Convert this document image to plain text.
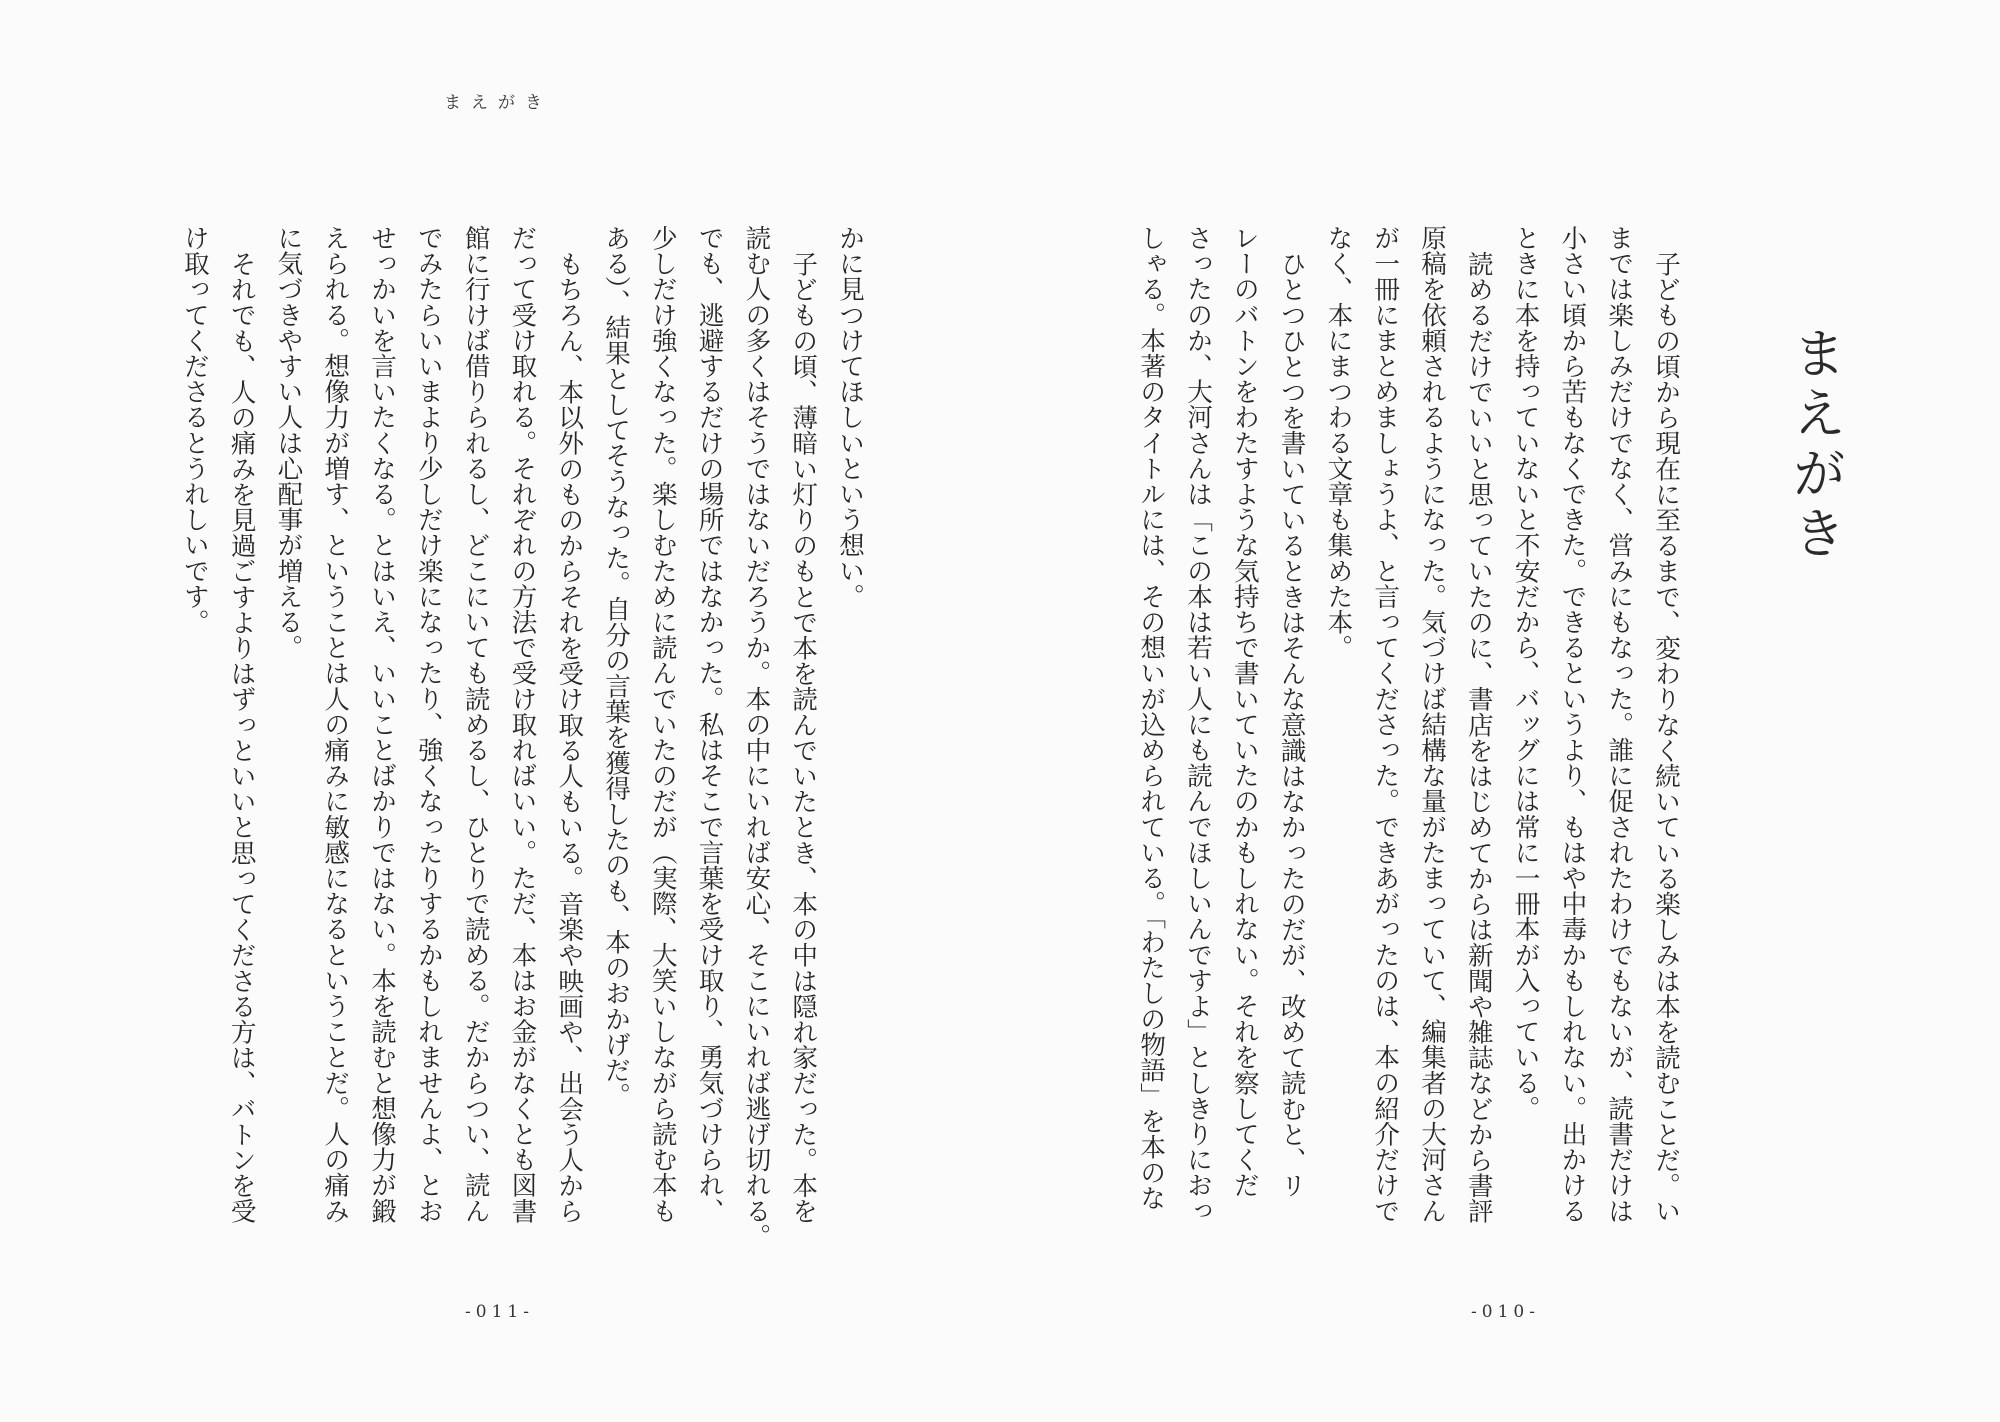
まえがき

かに見つけてほしいという想い。

子どもの頃、薄暗い灯りのもとで本を読んでいたとき、本の中は隠れ家だった。本を

読む人の多くはそうではないだろうか。本の中にいれば安心、そこにいれば逃げ切れる。

でも、逃避するだけの場所ではなかった。私はそこで言葉を受け取り、勇気づけられ、

少しだけ強くなった。楽しむために読んでいたのだが（実際、大笑いしながら読む本も

ある）、結果としてそうなった。自分の言葉を獲得したのも、本のおかげだ。

もちろん、本以外のものからそれを受け取る人もいる。音楽や映画や、出会う人から

だって受け取れる。それぞれの方法で受け取ればいい。ただ、本はお金がなくとも図書

館に行けば借りられるし、どこにいても読めるし、ひとりで読める。だからつい、読ん

でみたらいいまより少しだけ楽になったり、強くなったりするかもしれませんよ、とお

せっかいを言いたくなる。とはいえ、いいことばかりではない。本を読むと想像力が鍛

えられる。想像力が増す、ということは人の痛みに敏感になるということだ。人の痛み

に気づきやすい人は心配事が増える。

それでも、人の痛みを見過ごすよりはずっといいと思ってくださる方は、バトンを受

け取ってくださるとうれしいです。

-011-
まえがき

子どもの頃から現在に至るまで、変わりなく続いている楽しみは本を読むことだ。い

までは楽しみだけでなく、営みにもなった。誰に促されたわけでもないが、読書だけは

小さい頃から苦もなくできた。できるというより、もはや中毒かもしれない。出かける

ときに本を持っていないと不安だから、バッグには常に一冊本が入っている。

読めるだけでいいと思っていたのに、書店をはじめてからは新聞や雑誌などから書評

原稿を依頼されるようになった。気づけば結構な量がたまっていて、編集者の大河さん

が一冊にまとめましょうよ、と言ってくださった。できあがったのは、本の紹介だけで

なく、本にまつわる文章も集めた本。

ひとつひとつを書いているときはそんな意識はなかったのだが、改めて読むと、リ

レーのバトンをわたすような気持ちで書いていたのかもしれない。それを察してくだ

さったのか、大河さんは「この本は若い人にも読んでほしいんですよ」としきりにおっ

しゃる。本著のタイトルには、その想いが込められている。「わたしの物語」を本のな

-010-
